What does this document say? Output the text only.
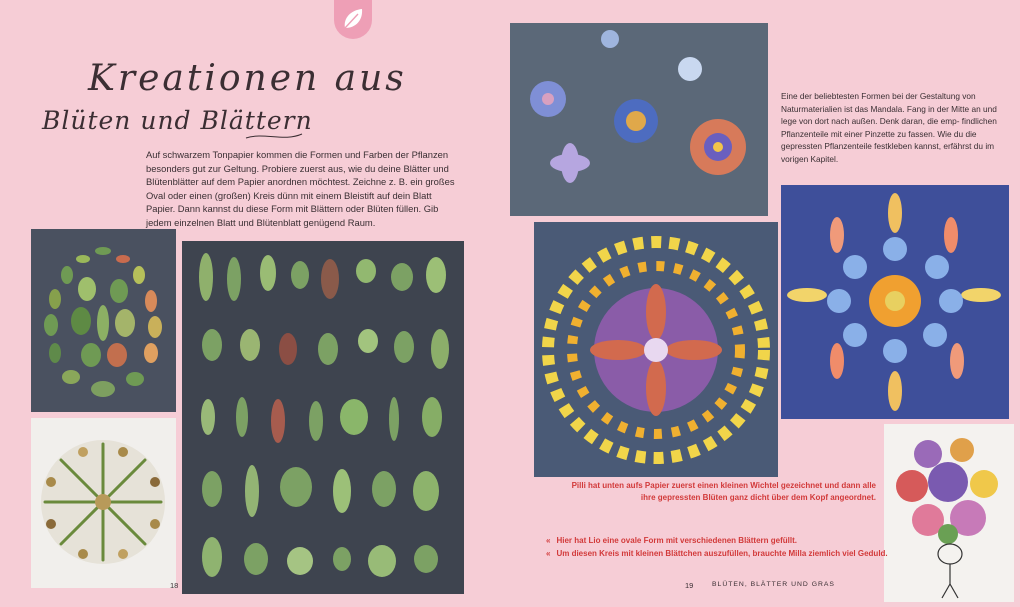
Kreationen aus
Blüten und Blättern
Auf schwarzem Tonpapier kommen die Formen und Farben der Pflanzen besonders gut zur Geltung. Probiere zuerst aus, wie du deine Blätter und Blütenblätter auf dem Papier anordnen möchtest. Zeichne z. B. ein großes Oval oder einen (großen) Kreis dünn mit einem Bleistift auf dein Blatt Papier. Dann kannst du diese Form mit Blättern oder Blüten füllen. Gib jedem einzelnen Blatt und Blütenblatt genügend Raum.
Eine der beliebtesten Formen bei der Gestaltung von Naturmaterialien ist das Mandala. Fang in der Mitte an und lege von dort nach außen. Denk daran, die emp- findlichen Pflanzenteile mit einer Pinzette zu fassen. Wie du die gepressten Pflanzenteile festkleben kannst, erfährst du im vorigen Kapitel.
Pilli hat unten aufs Papier zuerst einen kleinen Wichtel gezeichnet und dann alle ihre gepressten Blüten ganz dicht über dem Kopf angeordnet.
« Hier hat Lio eine ovale Form mit verschiedenen Blättern gefüllt.
« Um diesen Kreis mit kleinen Blättchen auszufüllen, brauchte Milla ziemlich viel Geduld.
18	19	BLÜTEN, BLÄTTER UND GRAS
